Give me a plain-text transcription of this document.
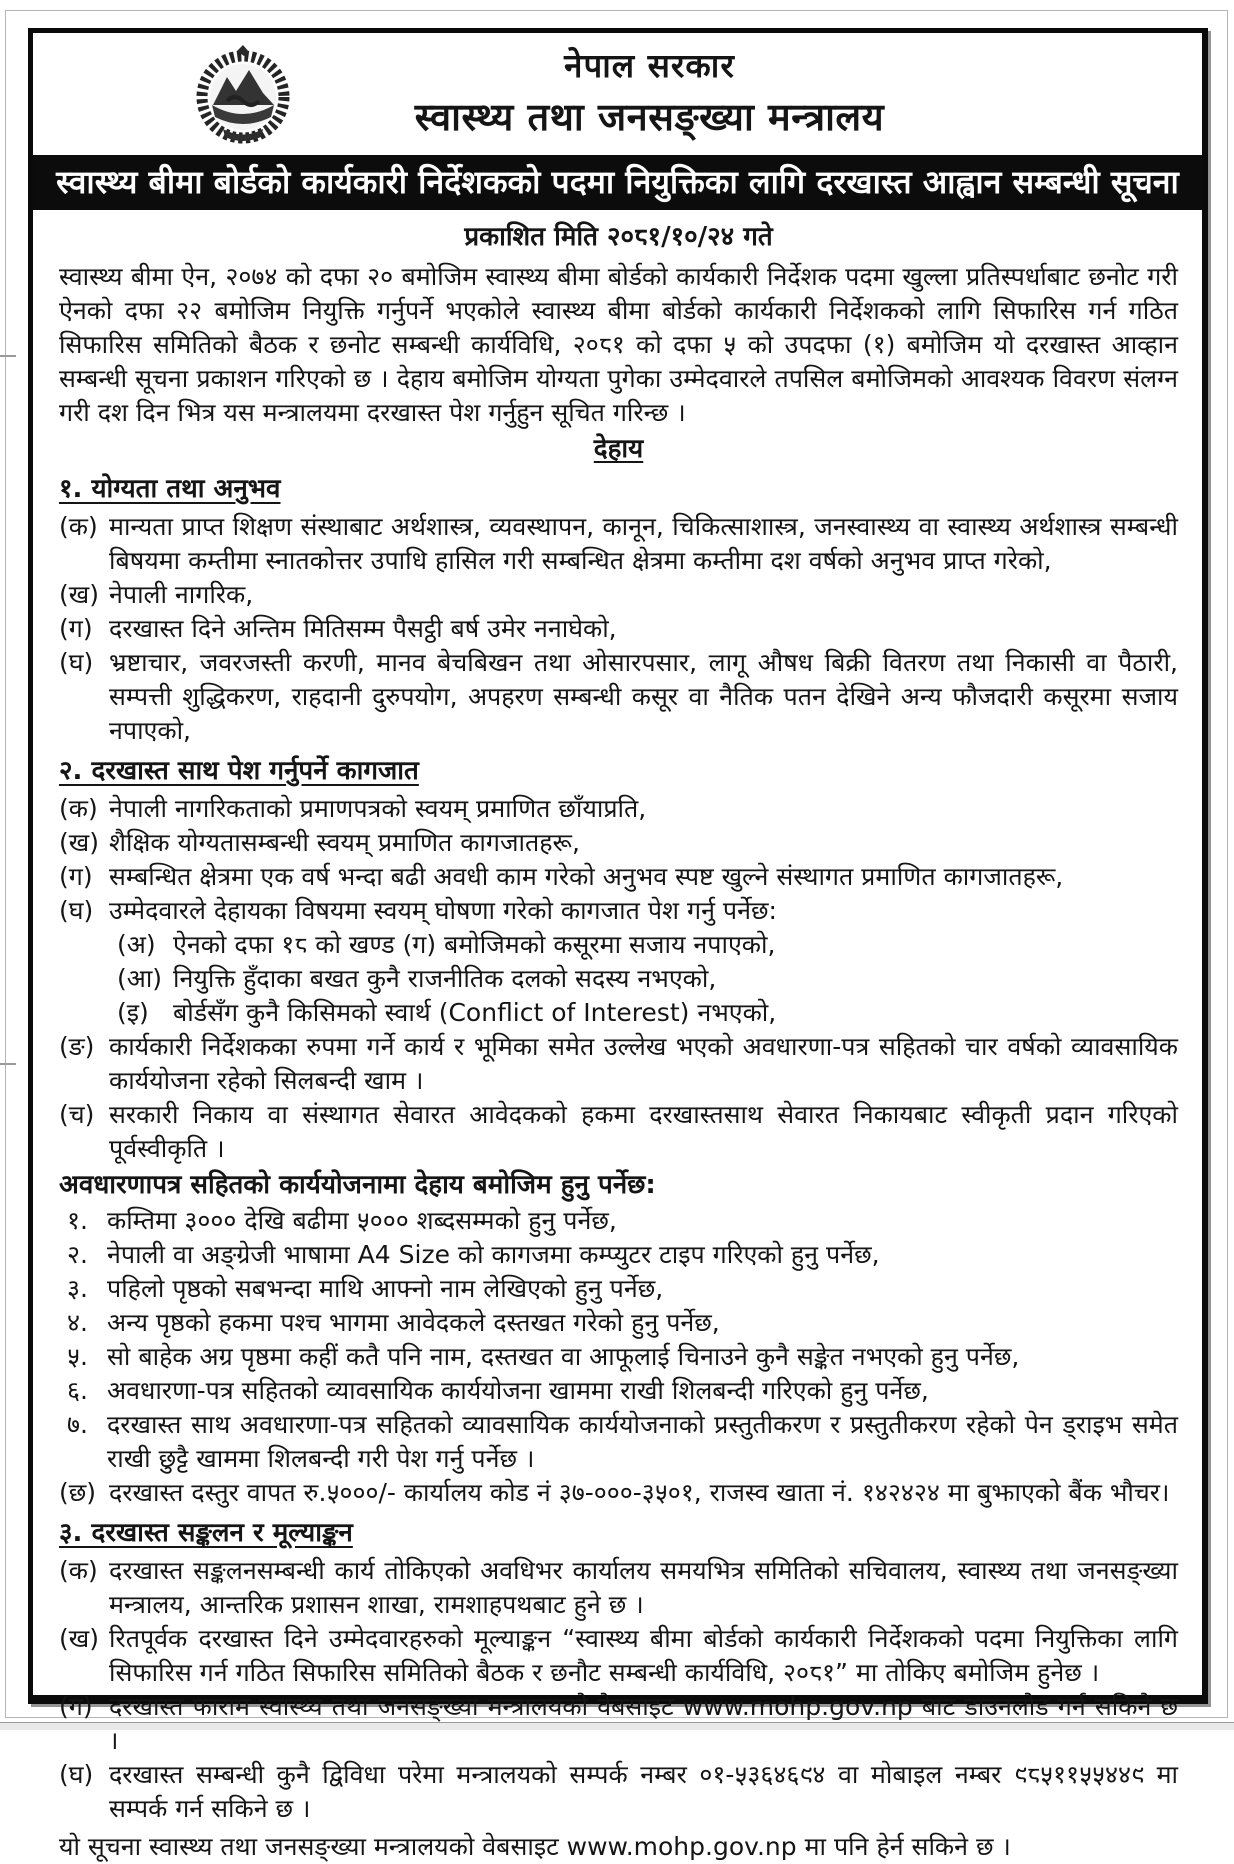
नेपाल सरकार
स्वास्थ्य तथा जनसङ्ख्या मन्त्रालय
स्वास्थ्य बीमा बोर्डको कार्यकारी निर्देशकको पदमा नियुक्तिका लागि दरखास्त आह्वान सम्बन्धी सूचना
प्रकाशित मिति २०८१/१०/२४ गते
स्वास्थ्य बीमा ऐन, २०७४ को दफा २० बमोजिम स्वास्थ्य बीमा बोर्डको कार्यकारी निर्देशक पदमा खुल्ला प्रतिस्पर्धाबाट छनोट गरी ऐनको दफा २२ बमोजिम नियुक्ति गर्नुपर्ने भएकोले स्वास्थ्य बीमा बोर्डको कार्यकारी निर्देशकको लागि सिफारिस गर्न गठित सिफारिस समितिको बैठक र छनोट सम्बन्धी कार्यविधि, २०८१ को दफा ५ को उपदफा (१) बमोजिम यो दरखास्त आव्हान सम्बन्धी सूचना प्रकाशन गरिएको छ । देहाय बमोजिम योग्यता पुगेका उम्मेदवारले तपसिल बमोजिमको आवश्यक विवरण संलग्न गरी दश दिन भित्र यस मन्त्रालयमा दरखास्त पेश गर्नुहुन सूचित गरिन्छ ।
देहाय
१. योग्यता तथा अनुभव
(क) मान्यता प्राप्त शिक्षण संस्थाबाट अर्थशास्त्र, व्यवस्थापन, कानून, चिकित्साशास्त्र, जनस्वास्थ्य वा स्वास्थ्य अर्थशास्त्र सम्बन्धी बिषयमा कम्तीमा स्नातकोत्तर उपाधि हासिल गरी सम्बन्धित क्षेत्रमा कम्तीमा दश वर्षको अनुभव प्राप्त गरेको,
(ख) नेपाली नागरिक,
(ग) दरखास्त दिने अन्तिम मितिसम्म पैसट्ठी बर्ष उमेर ननाघेको,
(घ) भ्रष्टाचार, जवरजस्ती करणी, मानव बेचबिखन तथा ओसारपसार, लागू औषध बिक्री वितरण तथा निकासी वा पैठारी, सम्पत्ती शुद्धिकरण, राहदानी दुरुपयोग, अपहरण सम्बन्धी कसूर वा नैतिक पतन देखिने अन्य फौजदारी कसूरमा सजाय नपाएको,
२. दरखास्त साथ पेश गर्नुपर्ने कागजात
(क) नेपाली नागरिकताको प्रमाणपत्रको स्वयम् प्रमाणित छाँयाप्रति,
(ख) शैक्षिक योग्यतासम्बन्धी स्वयम् प्रमाणित कागजातहरू,
(ग) सम्बन्धित क्षेत्रमा एक वर्ष भन्दा बढी अवधी काम गरेको अनुभव स्पष्ट खुल्ने संस्थागत प्रमाणित कागजातहरू,
(घ) उम्मेदवारले देहायका विषयमा स्वयम् घोषणा गरेको कागजात पेश गर्नु पर्नेछ:
(अ) ऐनको दफा १८ को खण्ड (ग) बमोजिमको कसूरमा सजाय नपाएको,
(आ) नियुक्ति हुँदाका बखत कुनै राजनीतिक दलको सदस्य नभएको,
(इ) बोर्डसँग कुनै किसिमको स्वार्थ (Conflict of Interest) नभएको,
(ङ) कार्यकारी निर्देशकका रुपमा गर्ने कार्य र भूमिका समेत उल्लेख भएको अवधारणा-पत्र सहितको चार वर्षको व्यावसायिक कार्ययोजना रहेको सिलबन्दी खाम ।
(च) सरकारी निकाय वा संस्थागत सेवारत आवेदकको हकमा दरखास्तसाथ सेवारत निकायबाट स्वीकृती प्रदान गरिएको पूर्वस्वीकृति ।
अवधारणापत्र सहितको कार्ययोजनामा देहाय बमोजिम हुनु पर्नेछ:
१. कम्तिमा ३००० देखि बढीमा ५००० शब्दसम्मको हुनु पर्नेछ,
२. नेपाली वा अङ्ग्रेजी भाषामा A4 Size को कागजमा कम्प्युटर टाइप गरिएको हुनु पर्नेछ,
३. पहिलो पृष्ठको सबभन्दा माथि आफ्नो नाम लेखिएको हुनु पर्नेछ,
४. अन्य पृष्ठको हकमा पश्च भागमा आवेदकले दस्तखत गरेको हुनु पर्नेछ,
५. सो बाहेक अग्र पृष्ठमा कहीं कतै पनि नाम, दस्तखत वा आफूलाई चिनाउने कुनै सङ्केत नभएको हुनु पर्नेछ,
६. अवधारणा-पत्र सहितको व्यावसायिक कार्ययोजना खाममा राखी शिलबन्दी गरिएको हुनु पर्नेछ,
७. दरखास्त साथ अवधारणा-पत्र सहितको व्यावसायिक कार्ययोजनाको प्रस्तुतीकरण र प्रस्तुतीकरण रहेको पेन ड्राइभ समेत राखी छुट्टै खाममा शिलबन्दी गरी पेश गर्नु पर्नेछ ।
(छ) दरखास्त दस्तुर वापत रु.५०००/- कार्यालय कोड नं ३७-०००-३५०१, राजस्व खाता नं. १४२४२४ मा बुझाएको बैंक भौचर।
३. दरखास्त सङ्कलन र मूल्याङ्कन
(क) दरखास्त सङ्कलनसम्बन्धी कार्य तोकिएको अवधिभर कार्यालय समयभित्र समितिको सचिवालय, स्वास्थ्य तथा जनसङ्ख्या मन्त्रालय, आन्तरिक प्रशासन शाखा, रामशाहपथबाट हुने छ ।
(ख) रितपूर्वक दरखास्त दिने उम्मेदवारहरुको मूल्याङ्कन “स्वास्थ्य बीमा बोर्डको कार्यकारी निर्देशकको पदमा नियुक्तिका लागि सिफारिस गर्न गठित सिफारिस समितिको बैठक र छनौट सम्बन्धी कार्यविधि, २०८१” मा तोकिए बमोजिम हुनेछ ।
(ग) दरखास्त फाराम स्वास्थ्य तथा जनसङ्ख्या मन्त्रालयको वेबसाइट www.mohp.gov.np बाट डाउनलोड गर्न सकिने छ ।
(घ) दरखास्त सम्बन्धी कुनै द्विविधा परेमा मन्त्रालयको सम्पर्क नम्बर ०१-५३६४६९४ वा मोबाइल नम्बर ९८५११५५४४९ मा सम्पर्क गर्न सकिने छ ।
यो सूचना स्वास्थ्य तथा जनसङ्ख्या मन्त्रालयको वेबसाइट www.mohp.gov.np मा पनि हेर्न सकिने छ ।
